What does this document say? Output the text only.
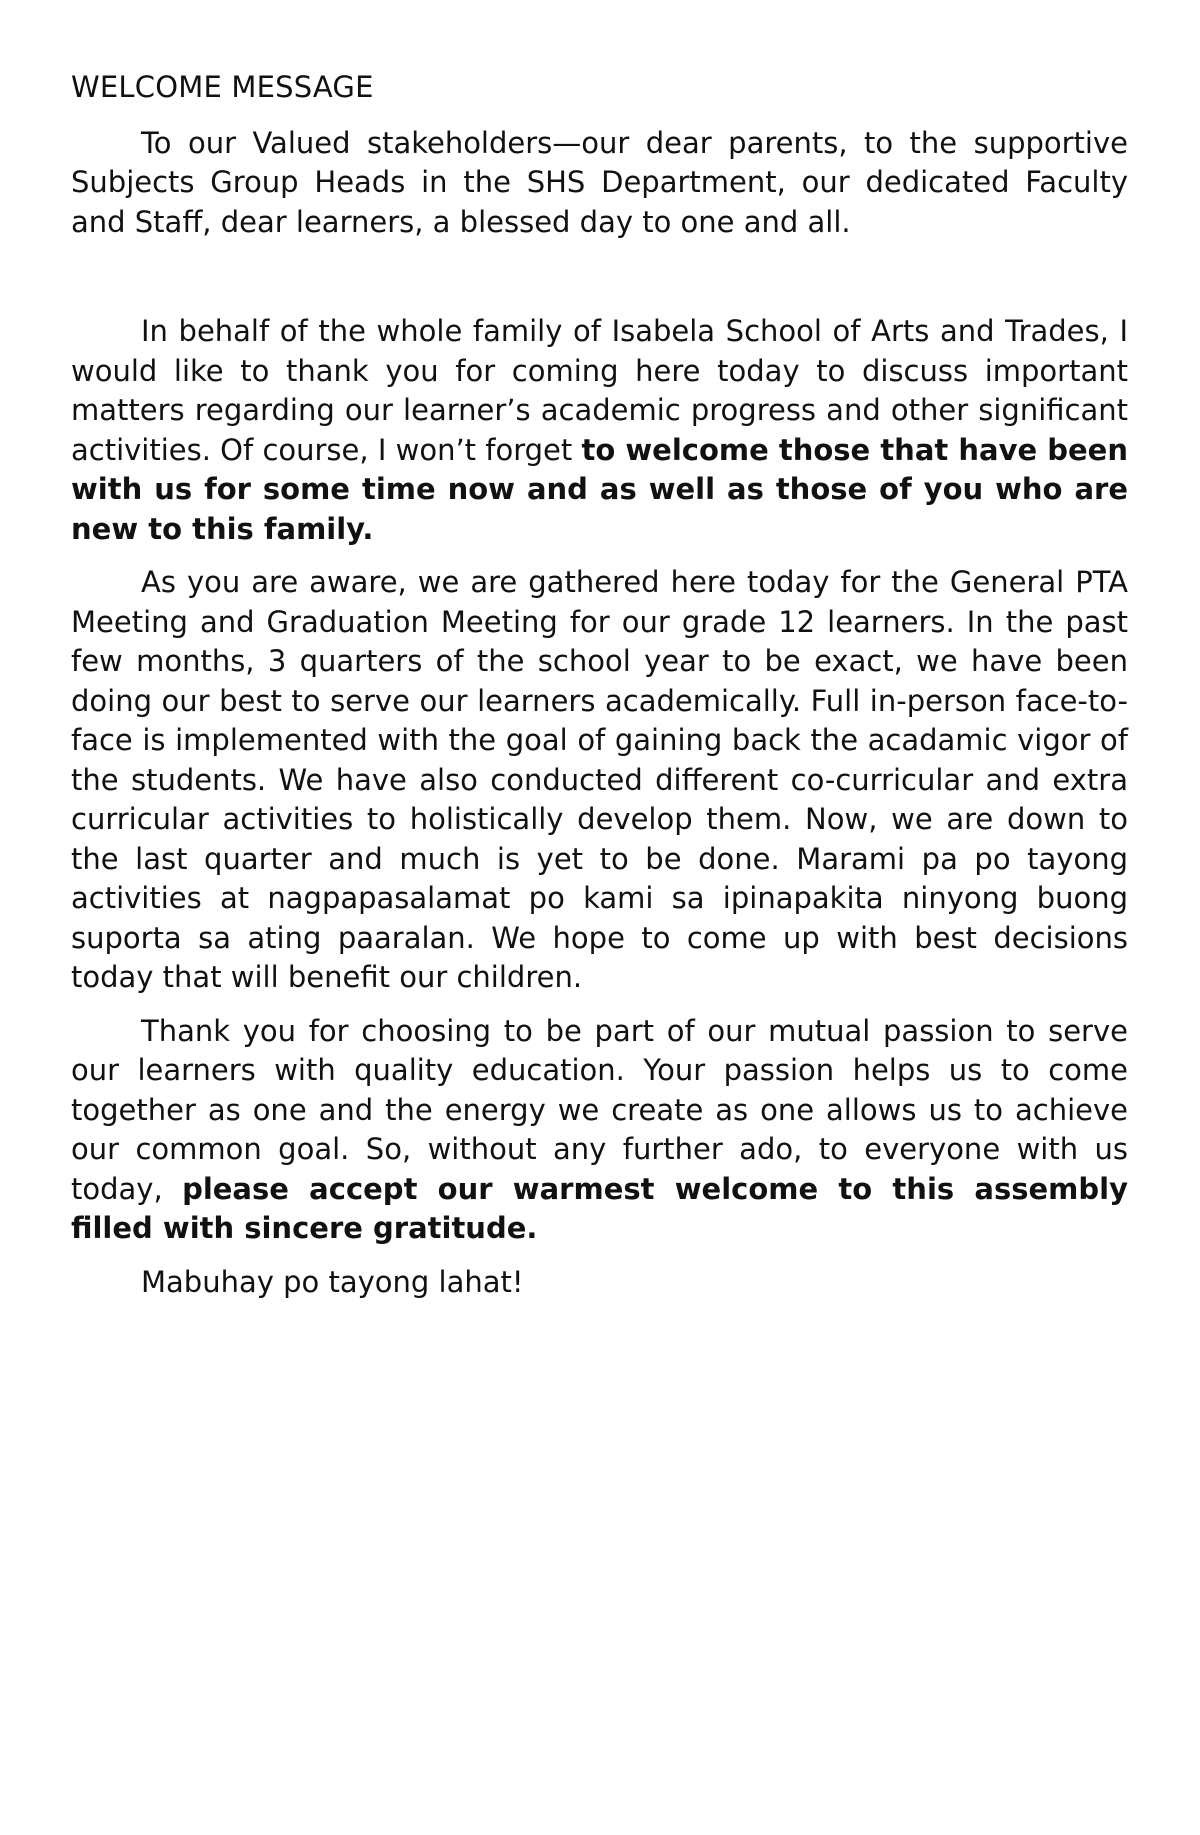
WELCOME MESSAGE

To our Valued stakeholders—our dear parents, to the supportive Subjects Group Heads in the SHS Department, our dedicated Faculty and Staff, dear learners, a blessed day to one and all.

In behalf of the whole family of Isabela School of Arts and Trades, I would like to thank you for coming here today to discuss important matters regarding our learner’s academic progress and other significant activities. Of course, I won’t forget to welcome those that have been with us for some time now and as well as those of you who are new to this family.

As you are aware, we are gathered here today for the General PTA Meeting and Graduation Meeting for our grade 12 learners. In the past few months, 3 quarters of the school year to be exact, we have been doing our best to serve our learners academically. Full in-person face-to-face is implemented with the goal of gaining back the acadamic vigor of the students. We have also conducted different co-curricular and extra curricular activities to holistically develop them. Now, we are down to the last quarter and much is yet to be done. Marami pa po tayong activities at nagpapasalamat po kami sa ipinapakita ninyong buong suporta sa ating paaralan. We hope to come up with best decisions today that will benefit our children.

Thank you for choosing to be part of our mutual passion to serve our learners with quality education. Your passion helps us to come together as one and the energy we create as one allows us to achieve our common goal. So, without any further ado, to everyone with us today, please accept our warmest welcome to this assembly filled with sincere gratitude.

Mabuhay po tayong lahat!
